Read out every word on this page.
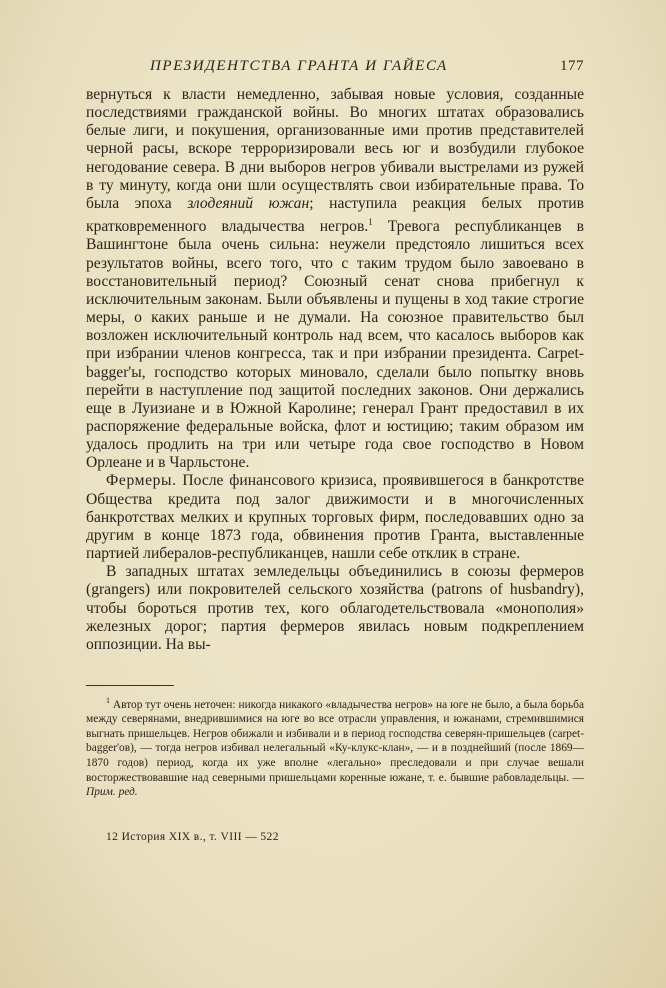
ПРЕЗИДЕНТСТВА ГРАНТА И ГАЙЕСА	177

вернуться к власти немедленно, забывая новые условия, созданные последствиями гражданской войны. Во многих штатах образовались белые лиги, и покушения, организованные ими против представителей черной расы, вскоре терроризировали весь юг и возбудили глубокое негодование севера. В дни выборов негров убивали выстрелами из ружей в ту минуту, когда они шли осуществлять свои избирательные права. То была эпоха злодеяний южан; наступила реакция белых против кратковременного владычества негров.$^1$ Тревога республиканцев в Вашингтоне была очень сильна: неужели предстояло лишиться всех результатов войны, всего того, что с таким трудом было завоевано в восстановительный период? Союзный сенат снова прибегнул к исключительным законам. Были объявлены и пущены в ход такие строгие меры, о каких раньше и не думали. На союзное правительство был возложен исключительный контроль над всем, что касалось выборов как при избрании членов конгресса, так и при избрании президента. Carpet-bagger'ы, господство которых миновало, сделали было попытку вновь перейти в наступление под защитой последних законов. Они держались еще в Луизиане и в Южной Каролине; генерал Грант предоставил в их распоряжение федеральные войска, флот и юстицию; таким образом им удалось продлить на три или четыре года свое господство в Новом Орлеане и в Чарльстоне.

Фермеры. После финансового кризиса, проявившегося в банкротстве Общества кредита под залог движимости и в многочисленных банкротствах мелких и крупных торговых фирм, последовавших одно за другим в конце 1873 года, обвинения против Гранта, выставленные партией либералов-республиканцев, нашли себе отклик в стране.

В западных штатах земледельцы объединились в союзы фермеров (grangers) или покровителей сельского хозяйства (patrons of husbandry), чтобы бороться против тех, кого облагодетельствовала «монополия» железных дорог; партия фермеров явилась новым подкреплением оппозиции. На вы-

$^1$ Автор тут очень неточен: никогда никакого «владычества негров» на юге не было, а была борьба между северянами, внедрившимися на юге во все отрасли управления, и южанами, стремившимися выгнать пришельцев. Негров обижали и избивали и в период господства северян-пришельцев (carpet-bagger'ов), — тогда негров избивал нелегальный «Ку-клукс-клан», — и в позднейший (после 1869—1870 годов) период, когда их уже вполне «легально» преследовали и при случае вешали восторжествовавшие над северными пришельцами коренные южане, т. е. бывшие рабовладельцы. — Прим. ред.

12 История XIX в., т. VIII — 522
